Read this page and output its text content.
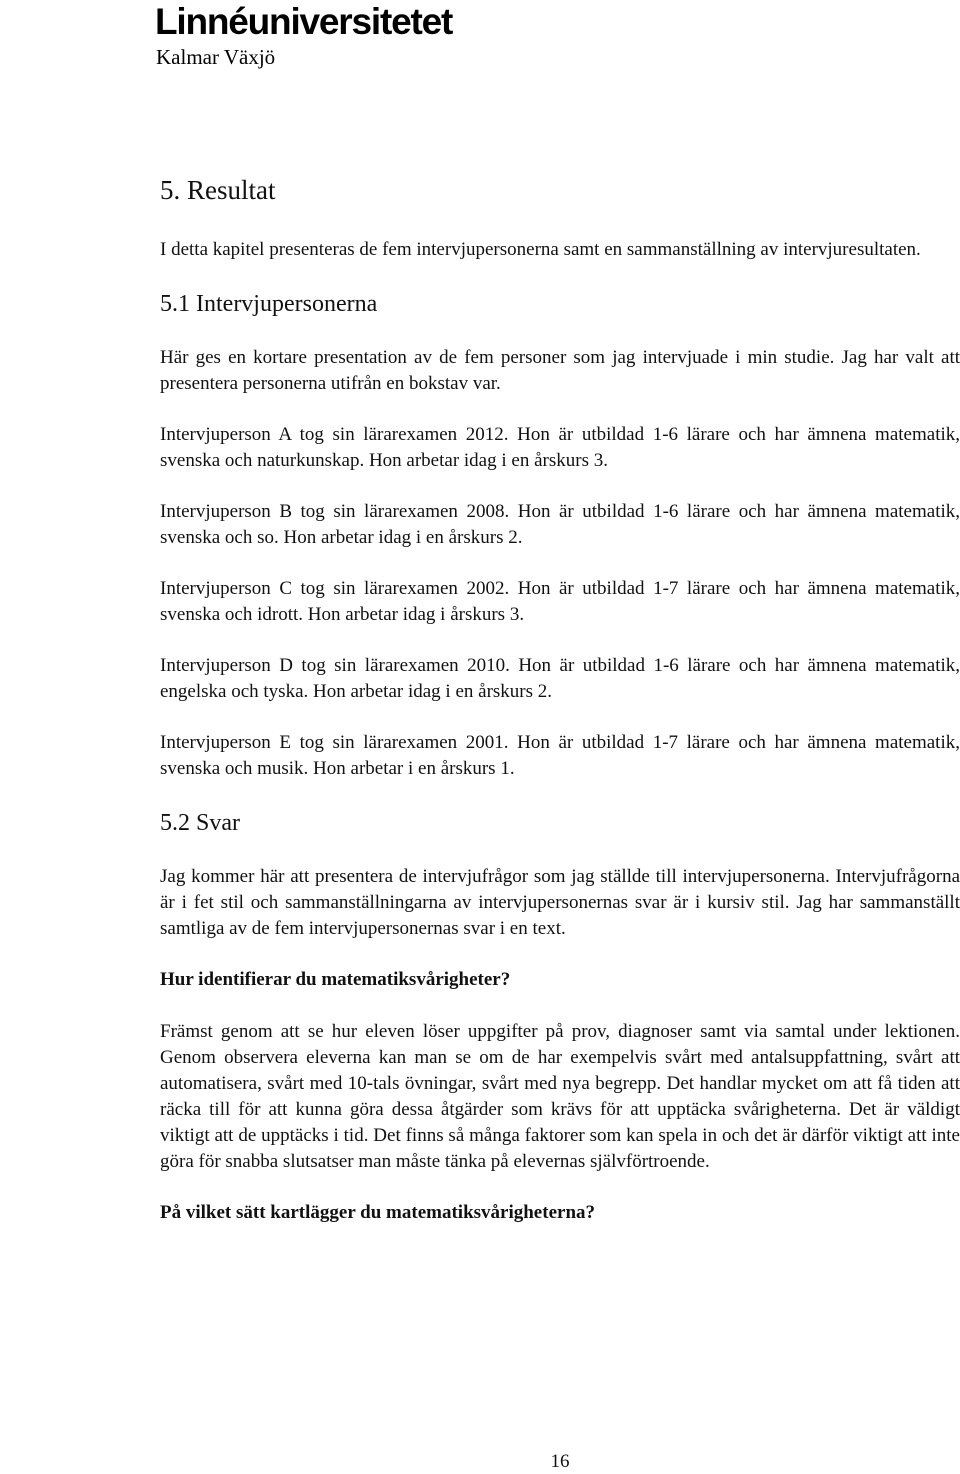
Linnéuniversitetet
Kalmar Växjö
5. Resultat

I detta kapitel presenteras de fem intervjupersonerna samt en sammanställning av intervjuresultaten.

5.1 Intervjupersonerna

Här ges en kortare presentation av de fem personer som jag intervjuade i min studie. Jag har valt att presentera personerna utifrån en bokstav var.

Intervjuperson A tog sin lärarexamen 2012. Hon är utbildad 1-6 lärare och har ämnena matematik, svenska och naturkunskap. Hon arbetar idag i en årskurs 3.

Intervjuperson B tog sin lärarexamen 2008. Hon är utbildad 1-6 lärare och har ämnena matematik, svenska och so. Hon arbetar idag i en årskurs 2.

Intervjuperson C tog sin lärarexamen 2002. Hon är utbildad 1-7 lärare och har ämnena matematik, svenska och idrott. Hon arbetar idag i årskurs 3.

Intervjuperson D tog sin lärarexamen 2010. Hon är utbildad 1-6 lärare och har ämnena matematik, engelska och tyska. Hon arbetar idag i en årskurs 2.

Intervjuperson E tog sin lärarexamen 2001. Hon är utbildad 1-7 lärare och har ämnena matematik, svenska och musik. Hon arbetar i en årskurs 1.

5.2 Svar

Jag kommer här att presentera de intervjufrågor som jag ställde till intervjupersonerna. Intervjufrågorna är i fet stil och sammanställningarna av intervjupersonernas svar är i kursiv stil. Jag har sammanställt samtliga av de fem intervjupersonernas svar i en text.

Hur identifierar du matematiksvårigheter?

Främst genom att se hur eleven löser uppgifter på prov, diagnoser samt via samtal under lektionen. Genom observera eleverna kan man se om de har exempelvis svårt med antalsuppfattning, svårt att automatisera, svårt med 10-tals övningar, svårt med nya begrepp. Det handlar mycket om att få tiden att räcka till för att kunna göra dessa åtgärder som krävs för att upptäcka svårigheterna. Det är väldigt viktigt att de upptäcks i tid. Det finns så många faktorer som kan spela in och det är därför viktigt att inte göra för snabba slutsatser man måste tänka på elevernas självförtroende.

På vilket sätt kartlägger du matematiksvårigheterna?
16
